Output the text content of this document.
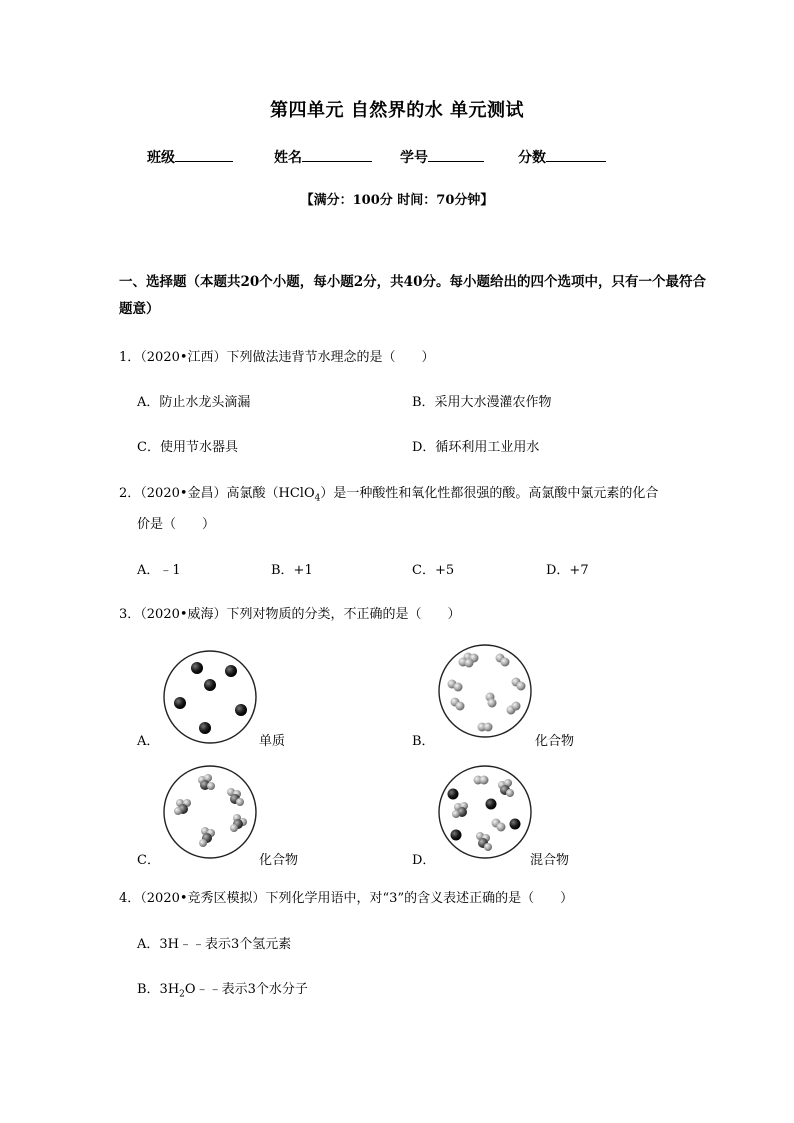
第四单元 自然界的水 单元测试
班级	姓名	学号	分数
【满分：100分 时间：70分钟】
一、选择题（本题共20个小题，每小题2分，共40分。每小题给出的四个选项中，只有一个最符合题意）
1．（2020•江西）下列做法违背节水理念的是（　　）
A．防止水龙头滴漏	B．采用大水漫灌农作物
C．使用节水器具	D．循环利用工业用水
2．（2020•金昌）高氯酸（HClO$_4$）是一种酸性和氧化性都很强的酸。高氯酸中氯元素的化合
价是（　　）
A．﹣1	B．+1	C．+5	D．+7
3．（2020•威海）下列对物质的分类，不正确的是（　　）
A．	单质	B．	化合物
C．	化合物	D．	混合物
4．（2020•竞秀区模拟）下列化学用语中，对“3”的含义表述正确的是（　　）
A．3H﹣﹣表示3个氢元素
B．$3H_2O﹣﹣$表示3个水分子
